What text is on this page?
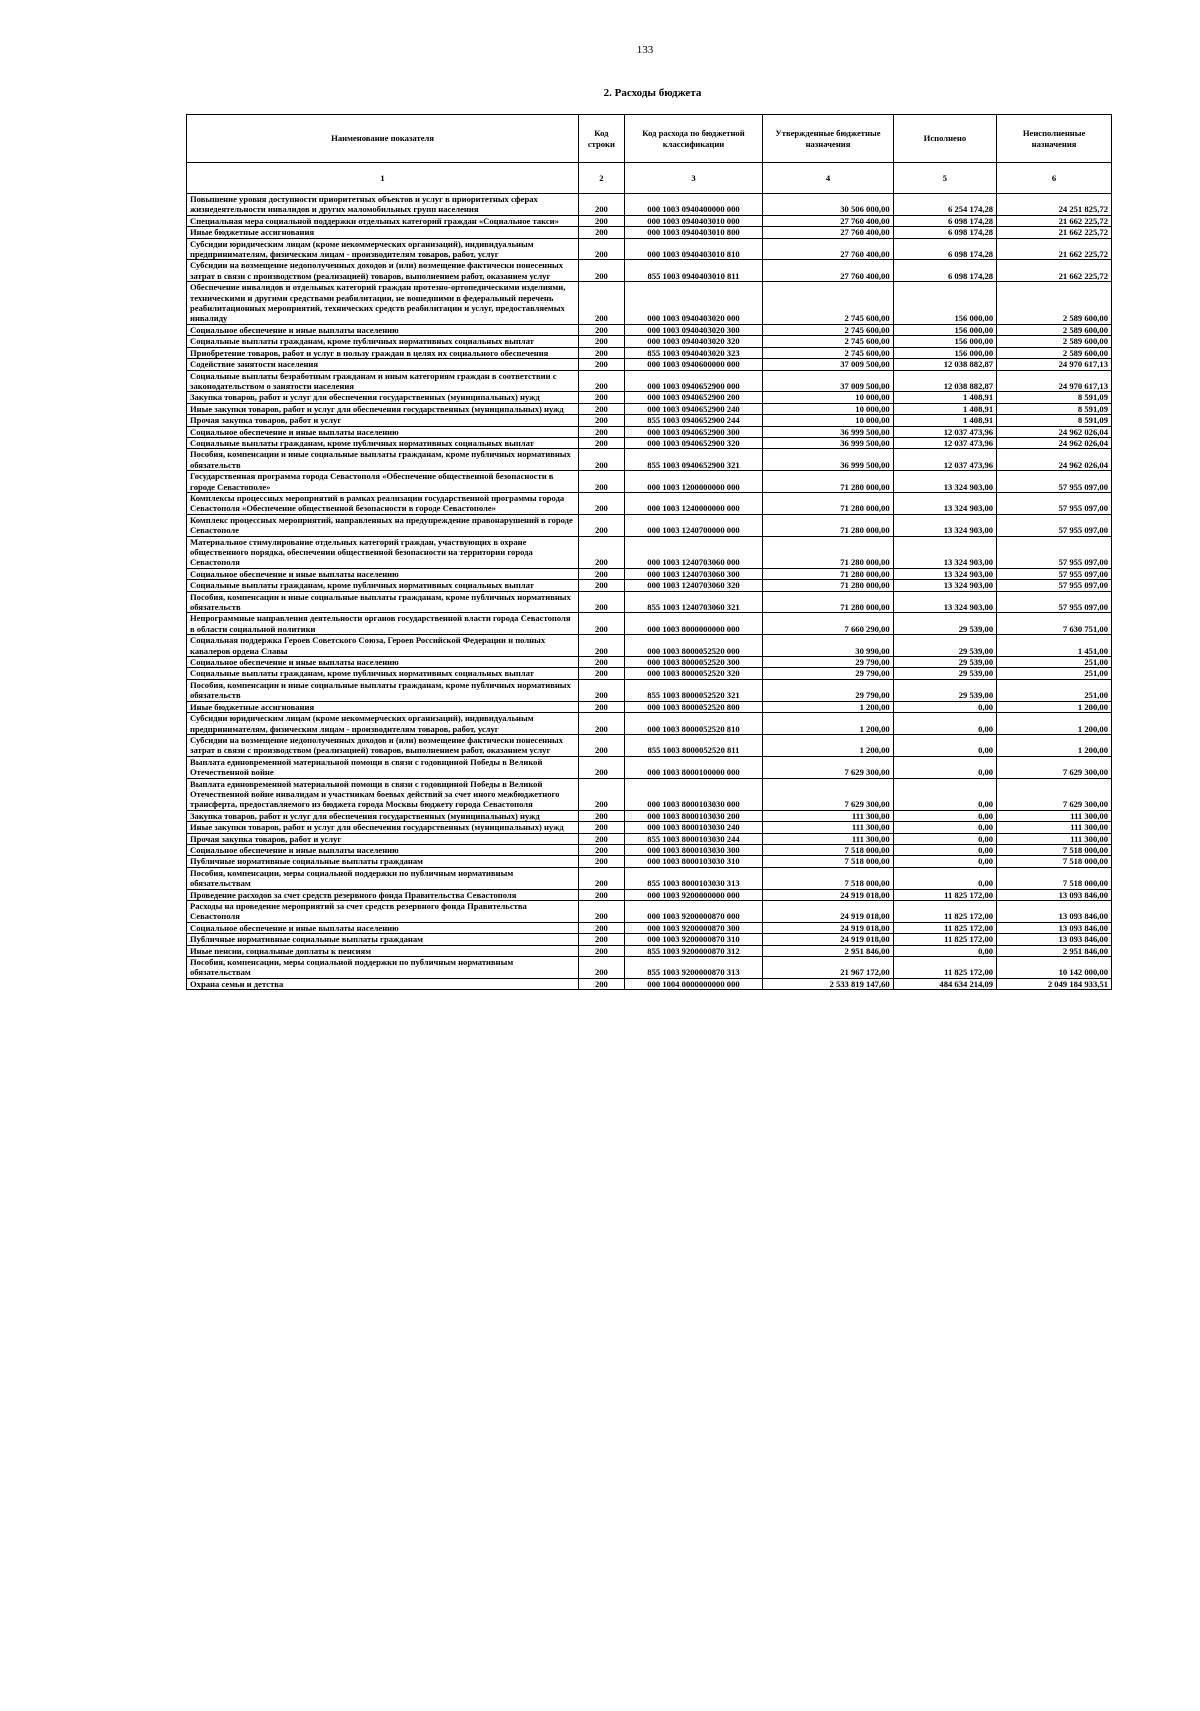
133
2. Расходы бюджета
Наименование показателя	Код строки	Код расхода по бюджетной классификации	Утвержденные бюджетные назначения	Исполнено	Неисполненные назначения
1	2	3	4	5	6
Повышение уровня доступности приоритетных объектов и услуг в приоритетных сферах жизнедеятельности инвалидов и других маломобильных групп населения	200	000 1003 0940400000 000	30 506 000,00	6 254 174,28	24 251 825,72
Специальная мера социальной поддержки отдельных категорий граждан «Социальное такси»	200	000 1003 0940403010 000	27 760 400,00	6 098 174,28	21 662 225,72
Иные бюджетные ассигнования	200	000 1003 0940403010 800	27 760 400,00	6 098 174,28	21 662 225,72
Субсидии юридическим лицам (кроме некоммерческих организаций), индивидуальным предпринимателям, физическим лицам - производителям товаров, работ, услуг	200	000 1003 0940403010 810	27 760 400,00	6 098 174,28	21 662 225,72
Субсидии на возмещение недополученных доходов и (или) возмещение фактически понесенных затрат в связи с производством (реализацией) товаров, выполнением работ, оказанием услуг	200	855 1003 0940403010 811	27 760 400,00	6 098 174,28	21 662 225,72
Обеспечение инвалидов и отдельных категорий граждан протезно-ортопедическими изделиями, техническими и другими средствами реабилитации, не вошедшими в федеральный перечень реабилитационных мероприятий, технических средств реабилитации и услуг, предоставляемых инвалиду	200	000 1003 0940403020 000	2 745 600,00	156 000,00	2 589 600,00
Социальное обеспечение и иные выплаты населению	200	000 1003 0940403020 300	2 745 600,00	156 000,00	2 589 600,00
Социальные выплаты гражданам, кроме публичных нормативных социальных выплат	200	000 1003 0940403020 320	2 745 600,00	156 000,00	2 589 600,00
Приобретение товаров, работ и услуг в пользу граждан в целях их социального обеспечения	200	855 1003 0940403020 323	2 745 600,00	156 000,00	2 589 600,00
Содействие занятости населения	200	000 1003 0940600000 000	37 009 500,00	12 038 882,87	24 970 617,13
Социальные выплаты безработным гражданам и иным категориям граждан в соответствии с законодательством о занятости населения	200	000 1003 0940652900 000	37 009 500,00	12 038 882,87	24 970 617,13
Закупка товаров, работ и услуг для обеспечения государственных (муниципальных) нужд	200	000 1003 0940652900 200	10 000,00	1 408,91	8 591,09
Иные закупки товаров, работ и услуг для обеспечения государственных (муниципальных) нужд	200	000 1003 0940652900 240	10 000,00	1 408,91	8 591,09
Прочая закупка товаров, работ и услуг	200	855 1003 0940652900 244	10 000,00	1 408,91	8 591,09
Социальное обеспечение и иные выплаты населению	200	000 1003 0940652900 300	36 999 500,00	12 037 473,96	24 962 026,04
Социальные выплаты гражданам, кроме публичных нормативных социальных выплат	200	000 1003 0940652900 320	36 999 500,00	12 037 473,96	24 962 026,04
Пособия, компенсации и иные социальные выплаты гражданам, кроме публичных нормативных обязательств	200	855 1003 0940652900 321	36 999 500,00	12 037 473,96	24 962 026,04
Государственная программа города Севастополя «Обеспечение общественной безопасности в городе Севастополе»	200	000 1003 1200000000 000	71 280 000,00	13 324 903,00	57 955 097,00
Комплексы процессных мероприятий в рамках реализации государственной программы города Севастополя «Обеспечение общественной безопасности в городе Севастополе»	200	000 1003 1240000000 000	71 280 000,00	13 324 903,00	57 955 097,00
Комплекс процессных мероприятий, направленных на предупреждение правонарушений в городе Севастополе	200	000 1003 1240700000 000	71 280 000,00	13 324 903,00	57 955 097,00
Материальное стимулирование отдельных категорий граждан, участвующих в охране общественного порядка, обеспечении общественной безопасности на территории города Севастополя	200	000 1003 1240703060 000	71 280 000,00	13 324 903,00	57 955 097,00
Социальное обеспечение и иные выплаты населению	200	000 1003 1240703060 300	71 280 000,00	13 324 903,00	57 955 097,00
Социальные выплаты гражданам, кроме публичных нормативных социальных выплат	200	000 1003 1240703060 320	71 280 000,00	13 324 903,00	57 955 097,00
Пособия, компенсации и иные социальные выплаты гражданам, кроме публичных нормативных обязательств	200	855 1003 1240703060 321	71 280 000,00	13 324 903,00	57 955 097,00
Непрограммные направления деятельности органов государственной власти города Севастополя в области социальной политики	200	000 1003 8000000000 000	7 660 290,00	29 539,00	7 630 751,00
Социальная поддержка Героев Советского Союза, Героев Российской Федерации и полных кавалеров ордена Славы	200	000 1003 8000052520 000	30 990,00	29 539,00	1 451,00
Социальное обеспечение и иные выплаты населению	200	000 1003 8000052520 300	29 790,00	29 539,00	251,00
Социальные выплаты гражданам, кроме публичных нормативных социальных выплат	200	000 1003 8000052520 320	29 790,00	29 539,00	251,00
Пособия, компенсации и иные социальные выплаты гражданам, кроме публичных нормативных обязательств	200	855 1003 8000052520 321	29 790,00	29 539,00	251,00
Иные бюджетные ассигнования	200	000 1003 8000052520 800	1 200,00	0,00	1 200,00
Субсидии юридическим лицам (кроме некоммерческих организаций), индивидуальным предпринимателям, физическим лицам - производителям товаров, работ, услуг	200	000 1003 8000052520 810	1 200,00	0,00	1 200,00
Субсидии на возмещение недополученных доходов и (или) возмещение фактически понесенных затрат в связи с производством (реализацией) товаров, выполнением работ, оказанием услуг	200	855 1003 8000052520 811	1 200,00	0,00	1 200,00
Выплата единовременной материальной помощи в связи с годовщиной Победы в Великой Отечественной войне	200	000 1003 8000100000 000	7 629 300,00	0,00	7 629 300,00
Выплата единовременной материальной помощи в связи с годовщиной Победы в Великой Отечественной войне инвалидам и участникам боевых действий за счет иного межбюджетного трансферта, предоставляемого из бюджета города Москвы бюджету города Севастополя	200	000 1003 8000103030 000	7 629 300,00	0,00	7 629 300,00
Закупка товаров, работ и услуг для обеспечения государственных (муниципальных) нужд	200	000 1003 8000103030 200	111 300,00	0,00	111 300,00
Иные закупки товаров, работ и услуг для обеспечения государственных (муниципальных) нужд	200	000 1003 8000103030 240	111 300,00	0,00	111 300,00
Прочая закупка товаров, работ и услуг	200	855 1003 8000103030 244	111 300,00	0,00	111 300,00
Социальное обеспечение и иные выплаты населению	200	000 1003 8000103030 300	7 518 000,00	0,00	7 518 000,00
Публичные нормативные социальные выплаты гражданам	200	000 1003 8000103030 310	7 518 000,00	0,00	7 518 000,00
Пособия, компенсации, меры социальной поддержки по публичным нормативным обязательствам	200	855 1003 8000103030 313	7 518 000,00	0,00	7 518 000,00
Проведение расходов за счет средств резервного фонда Правительства Севастополя	200	000 1003 9200000000 000	24 919 018,00	11 825 172,00	13 093 846,00
Расходы на проведение мероприятий за счет средств резервного фонда Правительства Севастополя	200	000 1003 9200000870 000	24 919 018,00	11 825 172,00	13 093 846,00
Социальное обеспечение и иные выплаты населению	200	000 1003 9200000870 300	24 919 018,00	11 825 172,00	13 093 846,00
Публичные нормативные социальные выплаты гражданам	200	000 1003 9200000870 310	24 919 018,00	11 825 172,00	13 093 846,00
Иные пенсии, социальные доплаты к пенсиям	200	855 1003 9200000870 312	2 951 846,00	0,00	2 951 846,00
Пособия, компенсации, меры социальной поддержки по публичным нормативным обязательствам	200	855 1003 9200000870 313	21 967 172,00	11 825 172,00	10 142 000,00
Охрана семьи и детства	200	000 1004 0000000000 000	2 533 819 147,60	484 634 214,09	2 049 184 933,51
